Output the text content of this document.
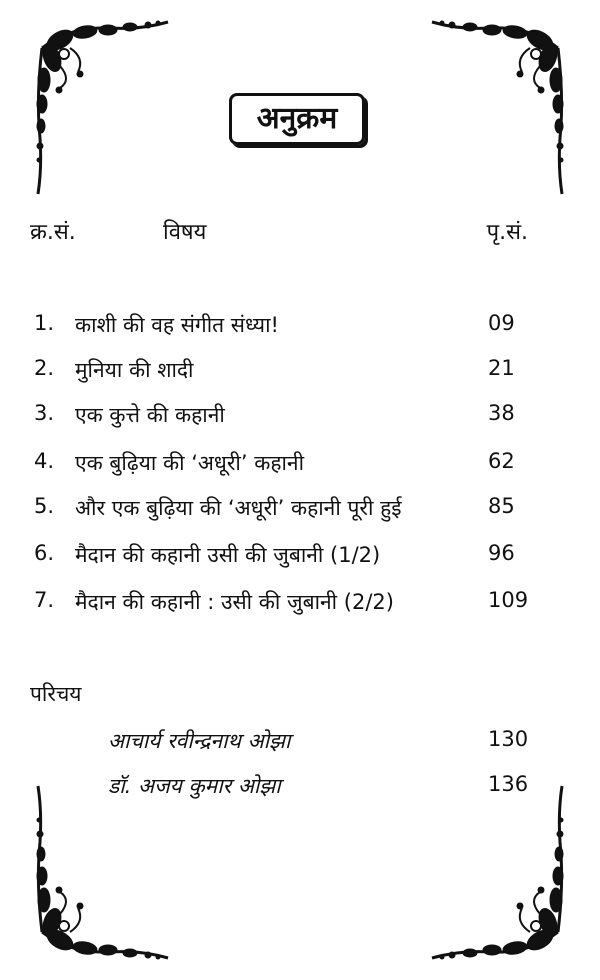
अनुक्रम
क्र.सं.	विषय	पृ.सं.
1. काशी की वह संगीत संध्या!	09
2. मुनिया की शादी	21
3. एक कुत्ते की कहानी	38
4. एक बुढ़िया की ‘अधूरी’ कहानी	62
5. और एक बुढ़िया की ‘अधूरी’ कहानी पूरी हुई	85
6. मैदान की कहानी उसी की जुबानी (1/2)	96
7. मैदान की कहानी : उसी की जुबानी (2/2)	109
परिचय
आचार्य रवीन्द्रनाथ ओझा	130
डॉ. अजय कुमार ओझा	136
